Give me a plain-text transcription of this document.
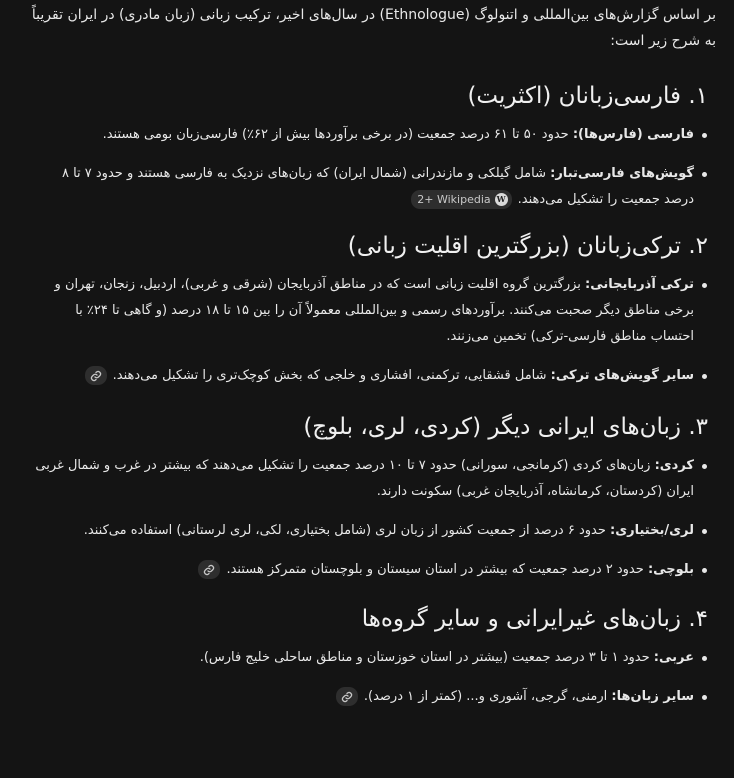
بر اساس گزارش‌های بین‌المللی و اتنولوگ (Ethnologue) در سال‌های اخیر، ترکیب زبانی (زبان مادری) در ایران تقریباً به شرح زیر است:

۱. فارسی‌زبانان (اکثریت)
فارسی (فارس‌ها): حدود ۵۰ تا ۶۱ درصد جمعیت (در برخی برآوردها بیش از ۶۲٪) فارسی‌زبان بومی هستند.
گویش‌های فارسی‌تبار: شامل گیلکی و مازندرانی (شمال ایران) که زبان‌های نزدیک به فارسی هستند و حدود ۷ تا ۸ درصد جمعیت را تشکیل می‌دهند.
2+ Wikipedia W
۲. ترکی‌زبانان (بزرگترین اقلیت زبانی)
ترکی آذربایجانی: بزرگترین گروه اقلیت زبانی است که در مناطق آذربایجان (شرقی و غربی)، اردبیل، زنجان، تهران و برخی مناطق دیگر صحبت می‌کنند. برآوردهای رسمی و بین‌المللی معمولاً آن را بین ۱۵ تا ۱۸ درصد (و گاهی تا ۲۴٪ با احتساب مناطق فارسی-ترکی) تخمین می‌زنند.
سایر گویش‌های ترکی: شامل قشقایی، ترکمنی، افشاری و خلجی که بخش کوچک‌تری را تشکیل می‌دهند.
۳. زبان‌های ایرانی دیگر (کردی، لری، بلوچ)
کردی: زبان‌های کردی (کرمانجی، سورانی) حدود ۷ تا ۱۰ درصد جمعیت را تشکیل می‌دهند که بیشتر در غرب و شمال غربی ایران (کردستان، کرمانشاه، آذربایجان غربی) سکونت دارند.
لری/بختیاری: حدود ۶ درصد از جمعیت کشور از زبان لری (شامل بختیاری، لکی، لری لرستانی) استفاده می‌کنند.
بلوچی: حدود ۲ درصد جمعیت که بیشتر در استان سیستان و بلوچستان متمرکز هستند.
۴. زبان‌های غیرایرانی و سایر گروه‌ها
عربی: حدود ۱ تا ۳ درصد جمعیت (بیشتر در استان خوزستان و مناطق ساحلی خلیج فارس).
سایر زبان‌ها: ارمنی، گرجی، آشوری و... (کمتر از ۱ درصد).
